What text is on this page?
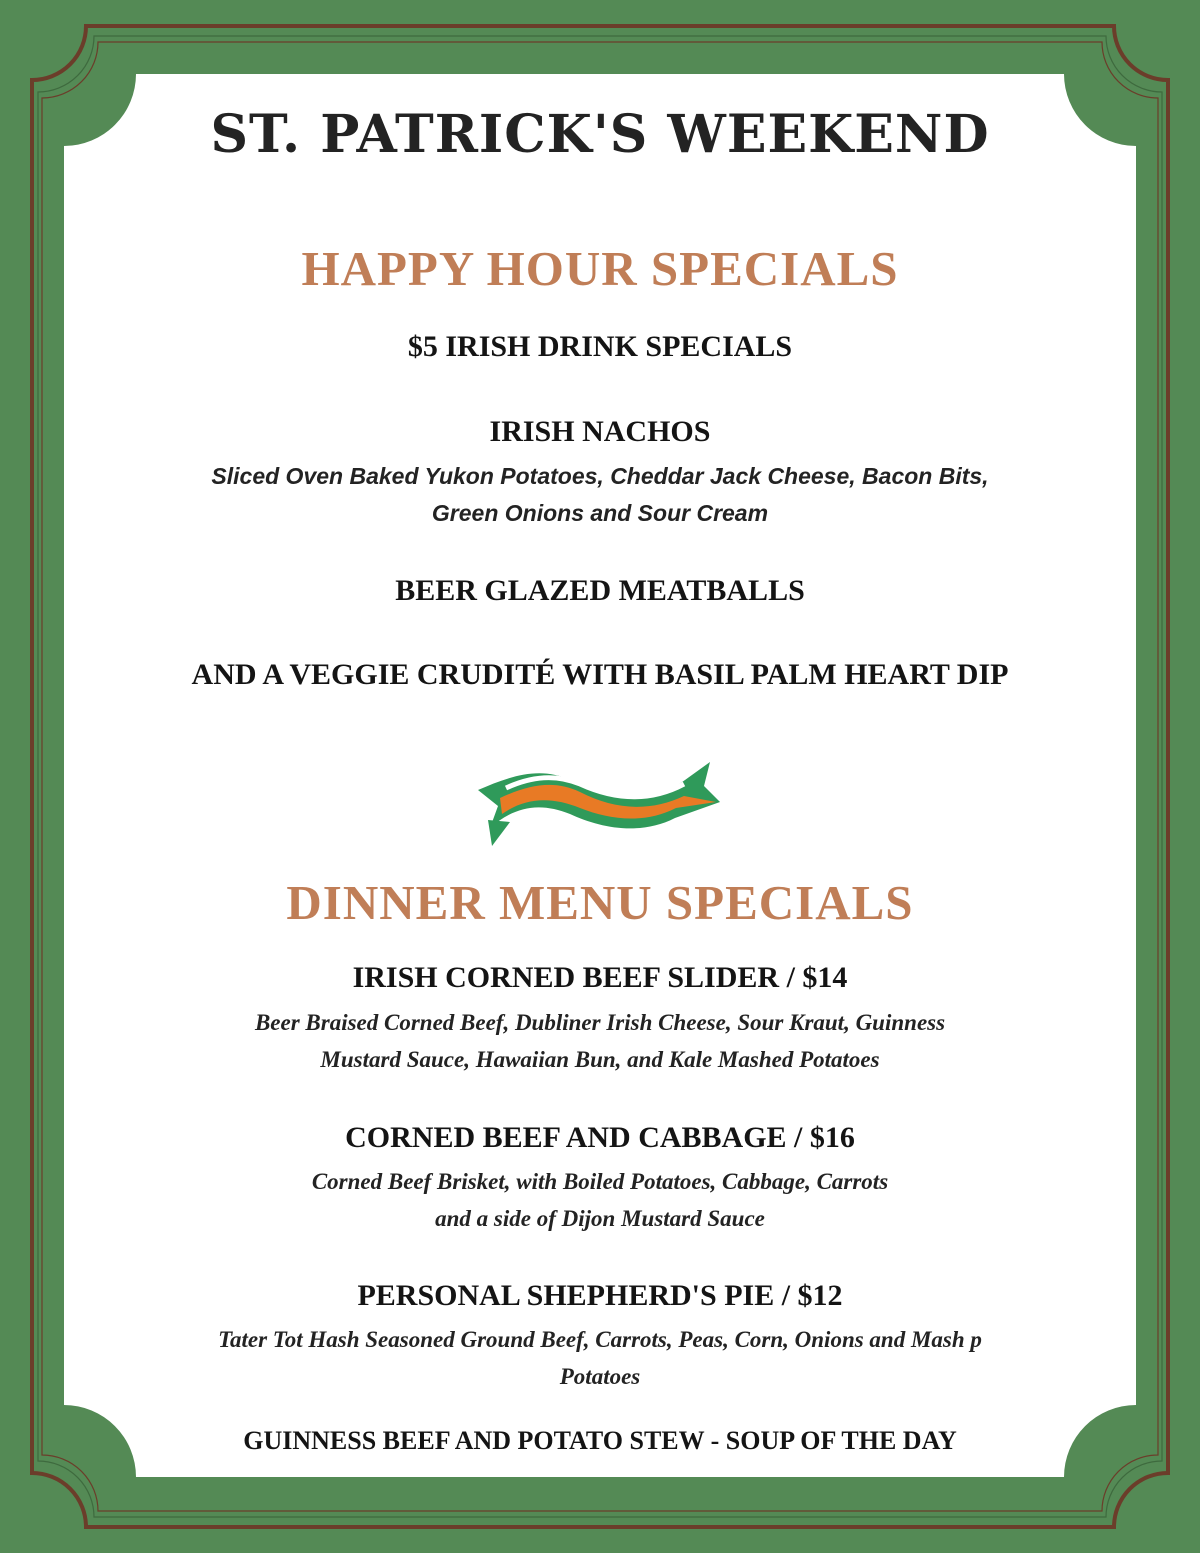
ST. PATRICK'S WEEKEND
HAPPY HOUR SPECIALS
$5 IRISH DRINK SPECIALS
IRISH NACHOS
Sliced Oven Baked Yukon Potatoes, Cheddar Jack Cheese, Bacon Bits,
Green Onions and Sour Cream
BEER GLAZED MEATBALLS
AND A VEGGIE CRUDITÉ WITH BASIL PALM HEART DIP
DINNER MENU SPECIALS
IRISH CORNED BEEF SLIDER / $14
Beer Braised Corned Beef, Dubliner Irish Cheese, Sour Kraut, Guinness
Mustard Sauce, Hawaiian Bun, and Kale Mashed Potatoes
CORNED BEEF AND CABBAGE / $16
Corned Beef Brisket, with Boiled Potatoes, Cabbage, Carrots
and a side of Dijon Mustard Sauce
PERSONAL SHEPHERD'S PIE / $12
Tater Tot Hash Seasoned Ground Beef, Carrots, Peas, Corn, Onions and Mash p
Potatoes
GUINNESS BEEF AND POTATO STEW - SOUP OF THE DAY
